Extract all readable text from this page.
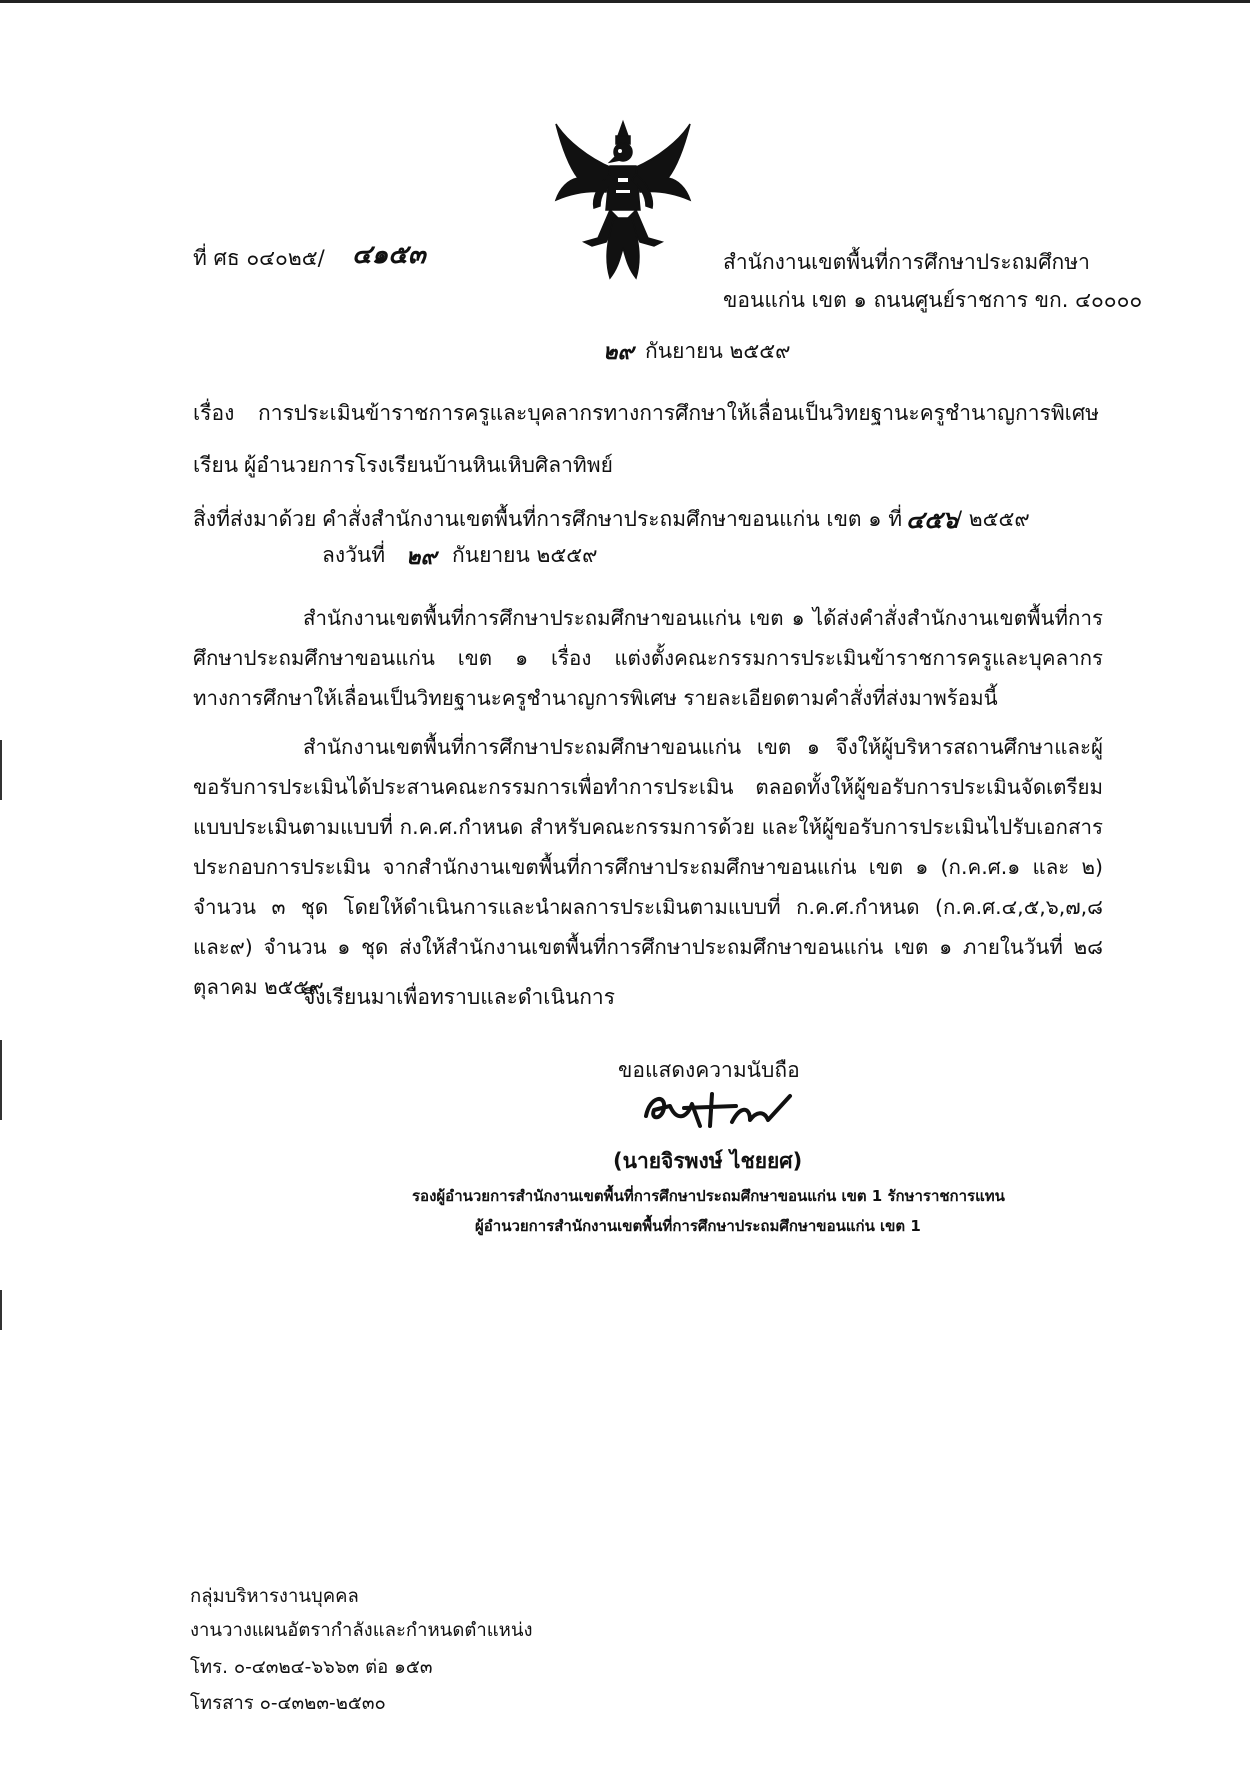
ที่ ศธ ๐๔๐๒๕/ ๔๑๕๓	สำนักงานเขตพื้นที่การศึกษาประถมศึกษา
ขอนแก่น เขต ๑ ถนนศูนย์ราชการ ขก. ๔๐๐๐๐
๒๙ กันยายน ๒๕๕๙
เรื่อง การประเมินข้าราชการครูและบุคลากรทางการศึกษาให้เลื่อนเป็นวิทยฐานะครูชำนาญการพิเศษ
เรียน ผู้อำนวยการโรงเรียนบ้านหินเหิบศิลาทิพย์
สิ่งที่ส่งมาด้วย คำสั่งสำนักงานเขตพื้นที่การศึกษาประถมศึกษาขอนแก่น เขต ๑ ที่ ๔๕๖
/ ๒๕๕๙
ลงวันที่ ๒๙ กันยายน ๒๕๕๙
สำนักงานเขตพื้นที่การศึกษาประถมศึกษาขอนแก่น เขต ๑ ได้ส่งคำสั่งสำนักงานเขตพื้นที่การศึกษาประถมศึกษาขอนแก่น เขต ๑ เรื่อง แต่งตั้งคณะกรรมการประเมินข้าราชการครูและบุคลากรทางการศึกษาให้เลื่อนเป็นวิทยฐานะครูชำนาญการพิเศษ รายละเอียดตามคำสั่งที่ส่งมาพร้อมนี้
สำนักงานเขตพื้นที่การศึกษาประถมศึกษาขอนแก่น เขต ๑ จึงให้ผู้บริหารสถานศึกษาและผู้ขอรับการประเมินได้ประสานคณะกรรมการเพื่อทำการประเมิน ตลอดทั้งให้ผู้ขอรับการประเมินจัดเตรียมแบบประเมินตามแบบที่ ก.ค.ศ.กำหนด สำหรับคณะกรรมการด้วย และให้ผู้ขอรับการประเมินไปรับเอกสารประกอบการประเมิน จากสำนักงานเขตพื้นที่การศึกษาประถมศึกษาขอนแก่น เขต ๑ (ก.ค.ศ.๑ และ ๒) จำนวน ๓ ชุด โดยให้ดำเนินการและนำผลการประเมินตามแบบที่ ก.ค.ศ.กำหนด (ก.ค.ศ.๔,๕,๖,๗,๘ และ๙) จำนวน ๑ ชุด ส่งให้สำนักงานเขตพื้นที่การศึกษาประถมศึกษาขอนแก่น เขต ๑ ภายในวันที่ ๒๘ ตุลาคม ๒๕๕๙
จึงเรียนมาเพื่อทราบและดำเนินการ
ขอแสดงความนับถือ
(นายจิรพงษ์ ไชยยศ)
รองผู้อำนวยการสำนักงานเขตพื้นที่การศึกษาประถมศึกษาขอนแก่น เขต 1 รักษาราชการแทน
ผู้อำนวยการสำนักงานเขตพื้นที่การศึกษาประถมศึกษาขอนแก่น เขต 1
กลุ่มบริหารงานบุคคล
งานวางแผนอัตรากำลังและกำหนดตำแหน่ง
โทร. ๐-๔๓๒๔-๖๖๖๓ ต่อ ๑๕๓
โทรสาร ๐-๔๓๒๓-๒๕๓๐
